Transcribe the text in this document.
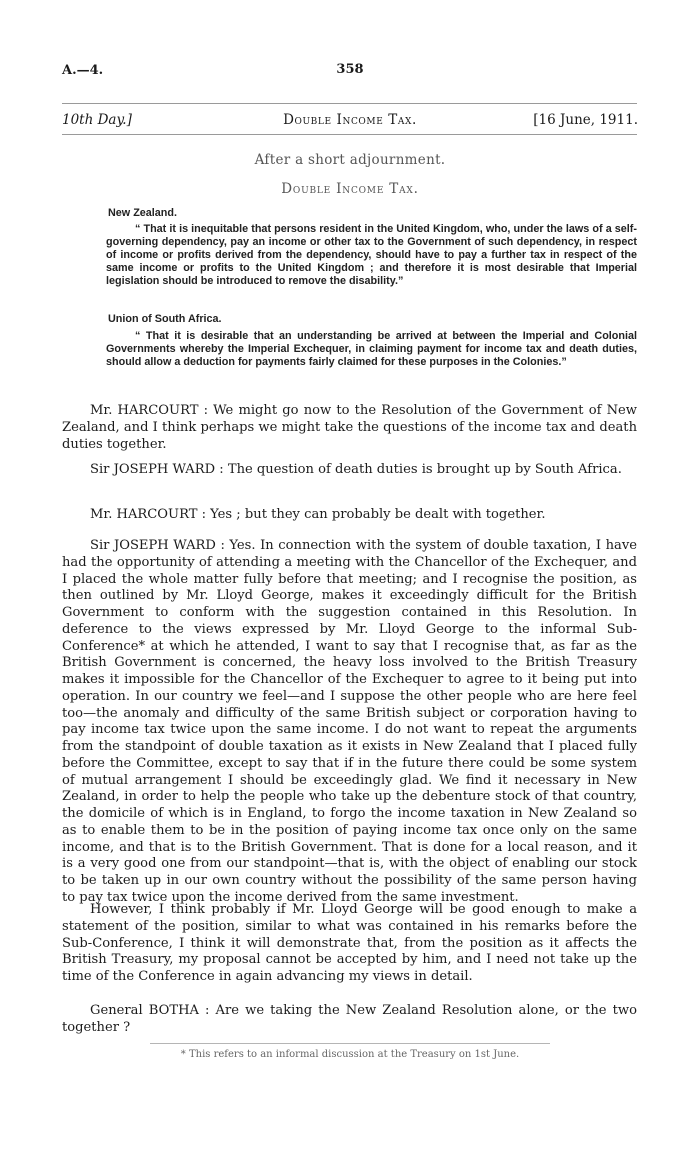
A.—4.	358
10th Day.]	Double Income Tax.	[16 June, 1911.
After a short adjournment.
Double Income Tax.
New Zealand.
“ That it is inequitable that persons resident in the United Kingdom, who, under the laws of a self-governing dependency, pay an income or other tax to the Government of such dependency, in respect of income or profits derived from the dependency, should have to pay a further tax in respect of the same income or profits to the United Kingdom ; and therefore it is most desirable that Imperial legislation should be introduced to remove the disability.”
Union of South Africa.
“ That it is desirable that an understanding be arrived at between the Imperial and Colonial Governments whereby the Imperial Exchequer, in claiming payment for income tax and death duties, should allow a deduction for payments fairly claimed for these purposes in the Colonies.”

Mr. HARCOURT : We might go now to the Resolution of the Government of New Zealand, and I think perhaps we might take the questions of the income tax and death duties together.

Sir JOSEPH WARD : The question of death duties is brought up by South Africa.

Mr. HARCOURT : Yes ; but they can probably be dealt with together.

Sir JOSEPH WARD : Yes. In connection with the system of double taxation, I have had the opportunity of attending a meeting with the Chancellor of the Exchequer, and I placed the whole matter fully before that meeting; and I recognise the position, as then outlined by Mr. Lloyd George, makes it exceedingly difficult for the British Government to conform with the suggestion contained in this Resolution. In deference to the views expressed by Mr. Lloyd George to the informal Sub-Conference* at which he attended, I want to say that I recognise that, as far as the British Government is concerned, the heavy loss involved to the British Treasury makes it impossible for the Chancellor of the Exchequer to agree to it being put into operation. In our country we feel—and I suppose the other people who are here feel too—the anomaly and difficulty of the same British subject or corporation having to pay income tax twice upon the same income. I do not want to repeat the arguments from the standpoint of double taxation as it exists in New Zealand that I placed fully before the Committee, except to say that if in the future there could be some system of mutual arrangement I should be exceedingly glad. We find it necessary in New Zealand, in order to help the people who take up the debenture stock of that country, the domicile of which is in England, to forgo the income taxation in New Zealand so as to enable them to be in the position of paying income tax once only on the same income, and that is to the British Government. That is done for a local reason, and it is a very good one from our standpoint—that is, with the object of enabling our stock to be taken up in our own country without the possibility of the same person having to pay tax twice upon the income derived from the same investment.

However, I think probably if Mr. Lloyd George will be good enough to make a statement of the position, similar to what was contained in his remarks before the Sub-Conference, I think it will demonstrate that, from the position as it affects the British Treasury, my proposal cannot be accepted by him, and I need not take up the time of the Conference in again advancing my views in detail.

General BOTHA : Are we taking the New Zealand Resolution alone, or the two together ?

* This refers to an informal discussion at the Treasury on 1st June.
